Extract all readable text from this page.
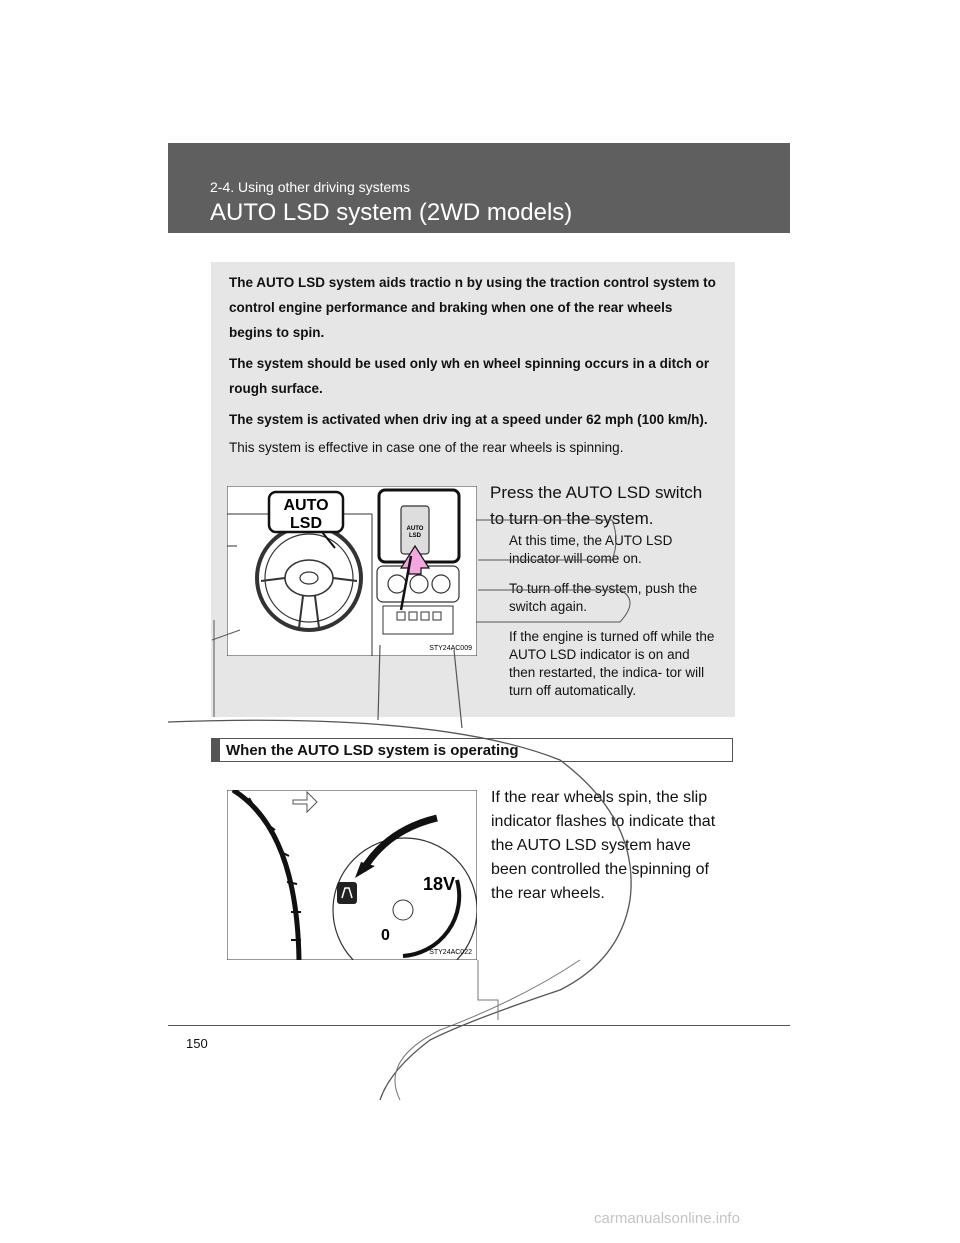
2-4. Using other driving systems
AUTO LSD system (2WD models)

The AUTO LSD system aids tractio n by using the traction control system to control engine performance and braking when one of the rear wheels begins to spin.

The system should be used only wh en wheel spinning occurs in a ditch or rough surface.

The system is activated when driv ing at a speed under 62 mph (100 km/h).

This system is effective in case one of the rear wheels is spinning.

AUTO
LSD
AUTO
LSD
STY24AC009
Press the AUTO LSD switch to turn on the system.

At this time, the AUTO LSD indicator will come on.

To turn off the system, push the switch again.

If the engine is turned off while the AUTO LSD indicator is on and then restarted, the indica- tor will turn off automatically.

When the AUTO LSD system is operating
18V
0
STY24AC022
If the rear wheels spin, the slip indicator flashes to indicate that the AUTO LSD system have been controlled the spinning of the rear wheels.
150
carmanualsonline.info
